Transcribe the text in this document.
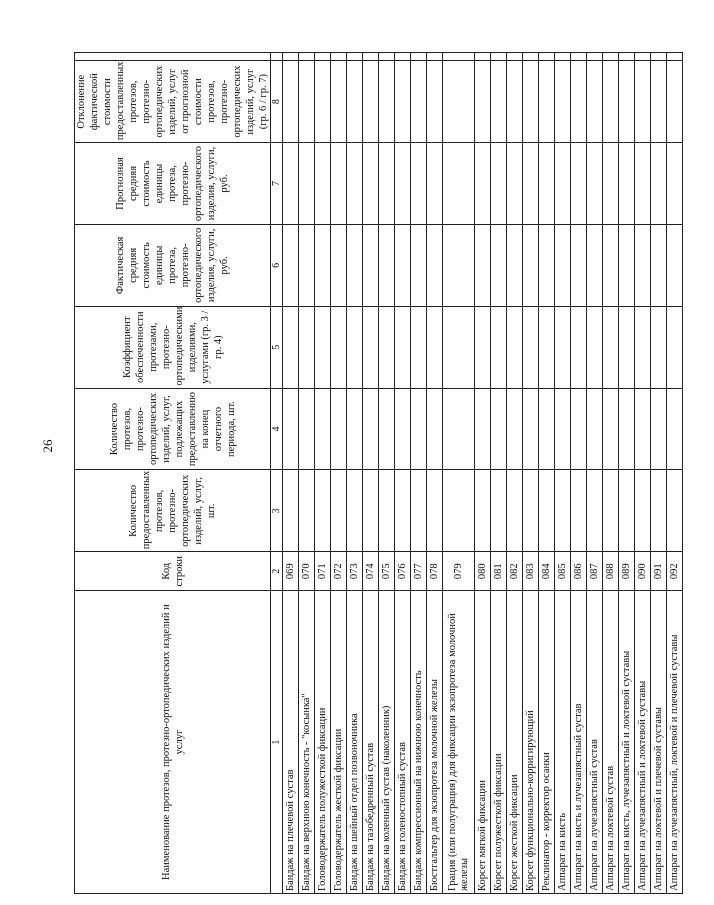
26
Наименование протезов, протезно-ортопедических изделий и услуг	Код строки	Количество предоставленных протезов, протезно-ортопедических изделий, услуг, шт.	Количество протезов, протезно-ортопедических изделий, услуг, подлежащих предоставлению на конец отчетного периода, шт.	Коэффициент обеспеченности протезами, протезно-ортопедическими изделиями, услугами (гр. 3 / гр. 4)	Фактическая средняя стоимость единицы протеза, протезно-ортопедического изделия, услуги, руб.	Прогнозная средняя стоимость единицы протеза, протезно-ортопедического изделия, услуги, руб.	Отклонение фактической стоимости предоставленных протезов, протезно-ортопедических изделий, услуг от прогнозной стоимости протезов, протезно-ортопедических изделий, услуг (гр. 6 / гр. 7)	
1	2	3	4	5	6	7	8	
Бандаж на плечевой сустав	069							
Бандаж на верхнюю конечность - "косынка"	070							
Головодержатель полужесткой фиксации	071							
Головодержатель жесткой фиксации	072							
Бандаж на шейный отдел позвоночника	073							
Бандаж на тазобедренный сустав	074							
Бандаж на коленный сустав (наколенник)	075							
Бандаж на голеностопный сустав	076							
Бандаж компрессионный на нижнюю конечность	077							
Бюстгальтер для экзопротеза молочной железы	078							
Грация (или полуграция) для фиксации экзопротеза молочной железы	079							
Корсет мягкой фиксации	080							
Корсет полужесткой фиксации	081							
Корсет жесткой фиксации	082							
Корсет функционально-корригирующий	083							
Реклинатор - корректор осанки	084							
Аппарат на кисть	085							
Аппарат на кисть и лучезапястный сустав	086							
Аппарат на лучезапястный сустав	087							
Аппарат на локтевой сустав	088							
Аппарат на кисть, лучезапястный и локтевой суставы	089							
Аппарат на лучезапястный и локтевой суставы	090							
Аппарат на локтевой и плечевой суставы	091							
Аппарат на лучезапястный, локтевой и плечевой суставы	092							
